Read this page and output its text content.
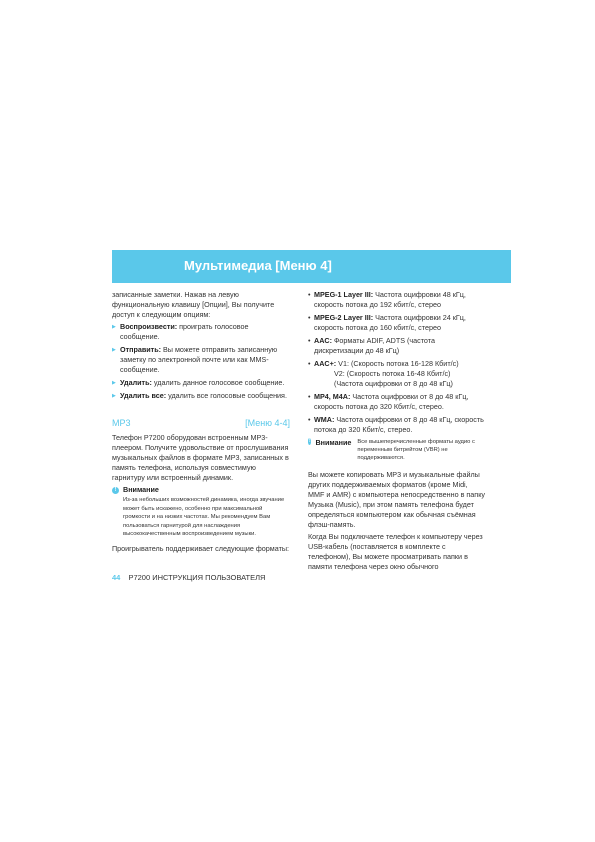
Мультимедиа [Меню 4]

записанные заметки. Нажав на левую функциональную клавишу [Опции], Вы получите доступ к следующим опциям:

▶ Воспроизвести: проиграть голосовое сообщение.
▶ Отправить: Вы можете отправить записанную заметку по электронной почте или как MMS-сообщение.
▶ Удалить: удалить данное голосовое сообщение.
▶ Удалить все: удалить все голосовые сообщения.
MP3	[Меню 4-4]

Телефон P7200 оборудован встроенным MP3-плеером. Получите удовольствие от прослушивания музыкальных файлов в формате MP3, записанных в память телефона, используя совместимую гарнитуру или встроенный динамик.

! Внимание

Из-за небольших возможностей динамика, иногда звучание может быть искажено, особенно при максимальной громкости и на низких частотах. Мы рекомендуем Вам пользоваться гарнитурой для наслаждения высококачественным воспроизведением музыки.

Проигрыватель поддерживает следующие форматы:

• MPEG-1 Layer III: Частота оцифровки 48 кГц, скорость потока до 192 кбит/с, стерео
• MPEG-2 Layer III: Частота оцифровки 24 кГц, скорость потока до 160 кбит/с, стерео
• AAC: Форматы ADIF, ADTS (частота дискретизации до 48 кГц)
• AAC+: V1: (Скорость потока 16-128 Кбит/с)
V2: (Скорость потока 16-48 Кбит/с)
(Частота оцифровки от 8 до 48 кГц)
• MP4, M4A: Частота оцифровки от 8 до 48 кГц, скорость потока до 320 Кбит/с, стерео.
• WMA: Частота оцифровки от 8 до 48 кГц, скорость потока до 320 Кбит/с, стерео.
! Внимание Все вышеперечисленные форматы аудио с переменным битрейтом (VBR) не поддерживаются.

Вы можете копировать MP3 и музыкальные файлы других поддерживаемых форматов (кроме Midi, MMF и AMR) с компьютера непосредственно в папку Музыка (Music), при этом память телефона будет определяться компьютером как обычная съёмная флэш-память.

Когда Вы подключаете телефон к компьютеру через USB-кабель (поставляется в комплекте с телефоном), Вы можете просматривать папки в памяти телефона через окно обычного

44 P7200 ИНСТРУКЦИЯ ПОЛЬЗОВАТЕЛЯ
